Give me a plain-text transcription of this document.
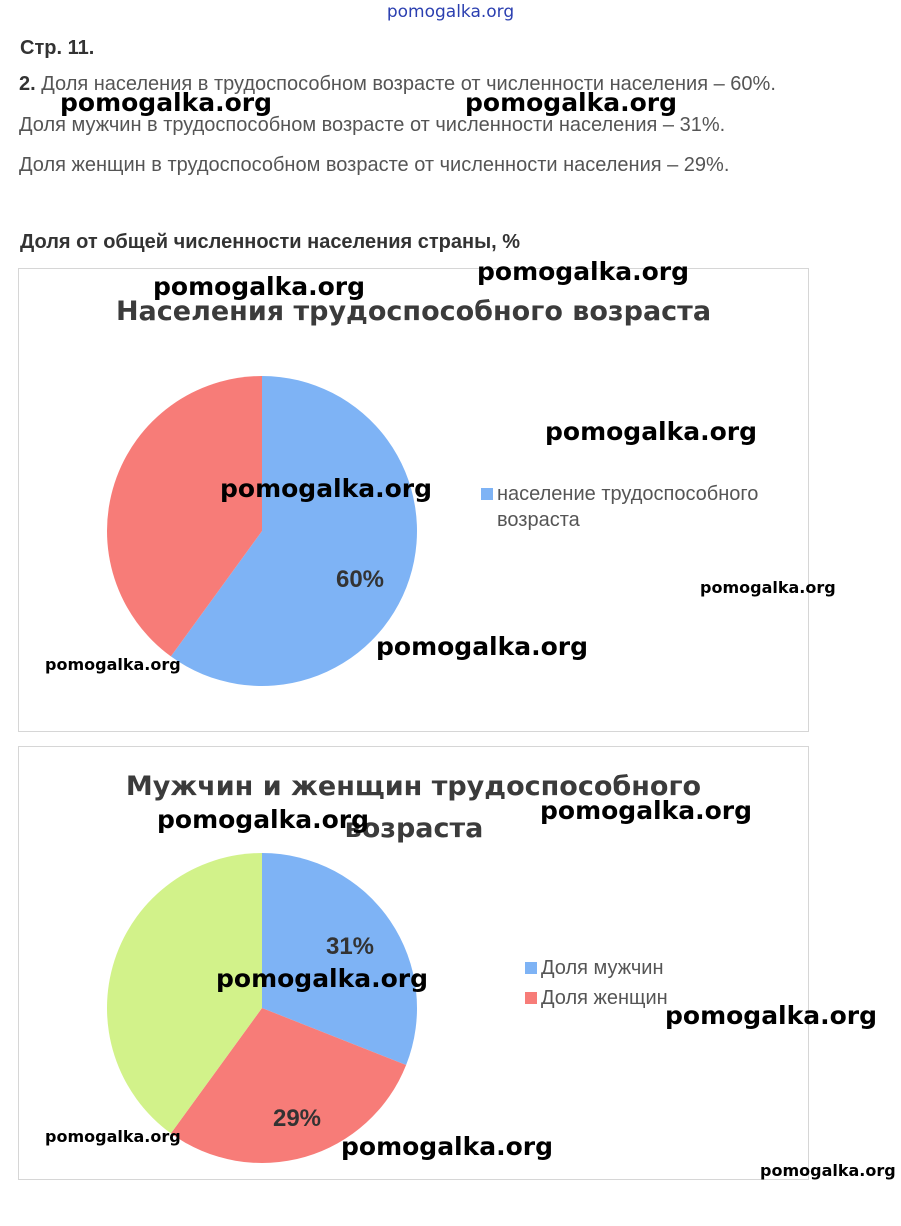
pomogalka.org
Стр. 11.
2. Доля населения в трудоспособном возрасте от численности населения – 60%.
Доля мужчин в трудоспособном возрасте от численности населения – 31%.
Доля женщин в трудоспособном возрасте от численности населения – 29%.
Доля от общей численности населения страны, %
Населения трудоспособного возраста
60%
население трудоспособного
возраста
Мужчин и женщин трудоспособного
возраста
31%
29%
Доля мужчин
Доля женщин
pomogalka.org	pomogalka.org
pomogalka.org
pomogalka.org
pomogalka.org
pomogalka.org
pomogalka.org
pomogalka.org
pomogalka.org
pomogalka.org
pomogalka.org
pomogalka.org
pomogalka.org
pomogalka.org	pomogalka.org
pomogalka.org
